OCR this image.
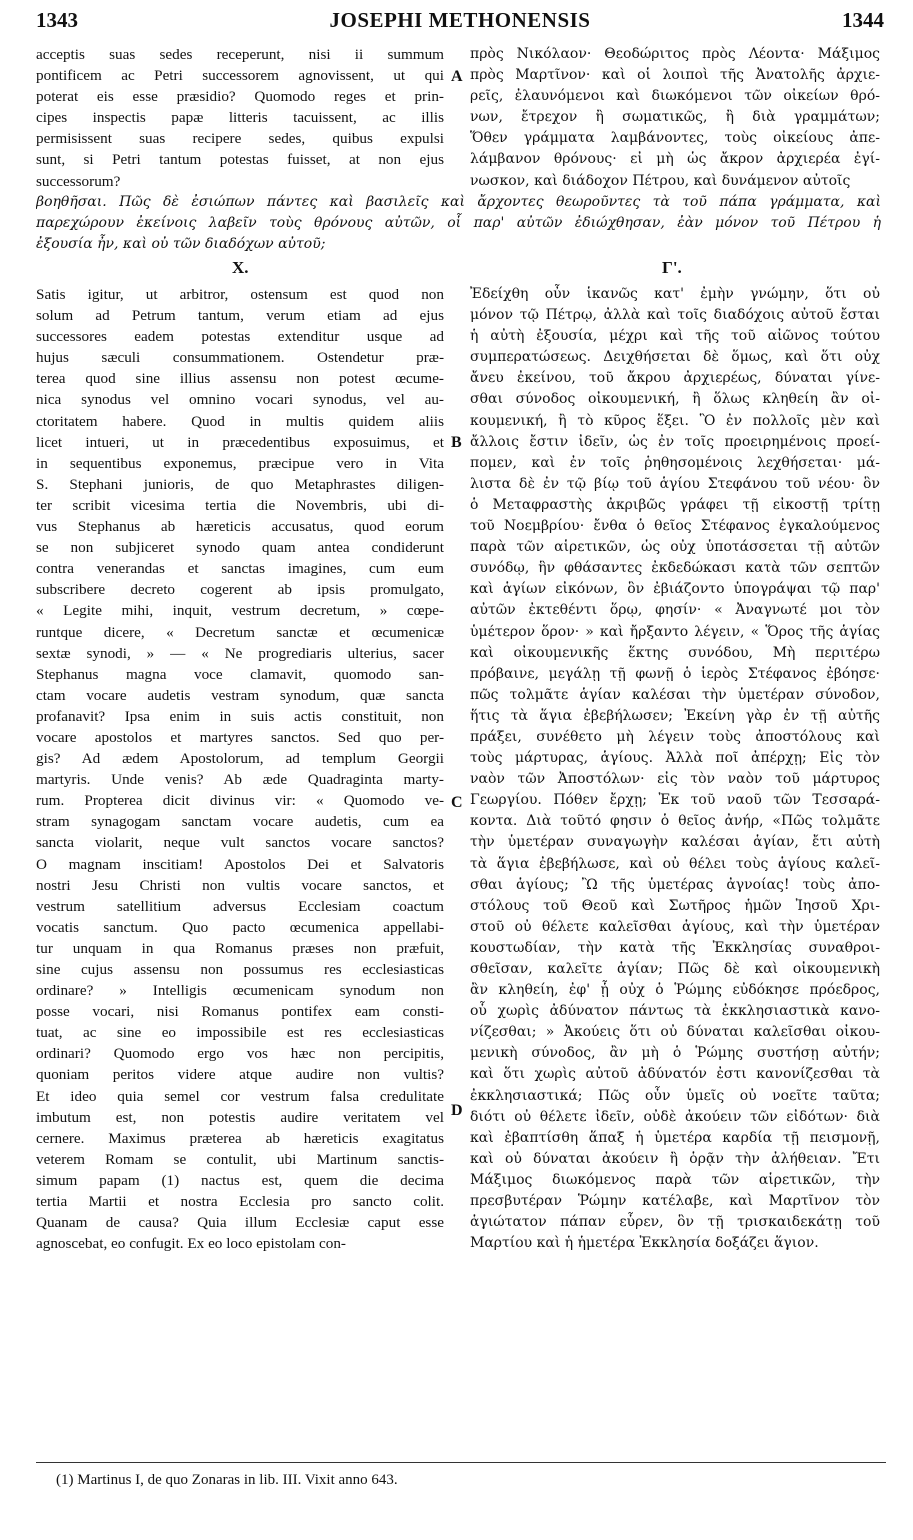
1343	JOSEPHI METHONENSIS	1344
acceptis suas sedes receperunt, nisi ii summum
pontificem ac Petri successorem agnovissent, ut qui
poterat eis esse præsidio? Quomodo reges et prin-
cipes inspectis papæ litteris tacuissent, ac illis
permisissent suas recipere sedes, quibus expulsi
sunt, si Petri tantum potestas fuisset, at non ejus
successorum?
πρὸς Νικόλαον· Θεοδώριτος πρὸς Λέοντα· Μάξιμος
πρὸς Μαρτῖνον· καὶ οἱ λοιποὶ τῆς Ἀνατολῆς ἀρχιε-
ρεῖς, ἐλαυνόμενοι καὶ διωκόμενοι τῶν οἰκείων θρό-
νων, ἔτρεχον ἢ σωματικῶς, ἢ διὰ γραμμάτων;
Ὅθεν γράμματα λαμβάνοντες, τοὺς οἰκείους ἀπε-
λάμβανον θρόνους· εἰ μὴ ὡς ἄκρον ἀρχιερέα ἐγί-
νωσκον, καὶ διάδοχον Πέτρου, καὶ δυνάμενον αὐτοῖς
βοηθῆσαι. Πῶς δὲ ἐσιώπων πάντες καὶ βασιλεῖς καὶ ἄρχοντες θεωροῦντες τὰ τοῦ πάπα γράμματα, καὶ
παρεχώρουν ἐκείνοις λαβεῖν τοὺς θρόνους αὐτῶν, οἷ παρ' αὐτῶν ἐδιώχθησαν, ἐὰν μόνον τοῦ Πέτρου ἡ
ἐξουσία ἦν, καὶ οὐ τῶν διαδόχων αὐτοῦ;
X.	Γ'.
Satis igitur, ut arbitror, ostensum est quod non
solum ad Petrum tantum, verum etiam ad ejus
successores eadem potestas extenditur usque ad
hujus sæculi consummationem. Ostendetur præ-
terea quod sine illius assensu non potest œcume-
nica synodus vel omnino vocari synodus, vel au-
ctoritatem habere. Quod in multis quidem aliis
licet intueri, ut in præcedentibus exposuimus, et
in sequentibus exponemus, præcipue vero in Vita
S. Stephani junioris, de quo Metaphrastes diligen-
ter scribit vicesima tertia die Novembris, ubi di-
vus Stephanus ab hæreticis accusatus, quod eorum
se non subjiceret synodo quam antea condiderunt
contra venerandas et sanctas imagines, cum eum
subscribere decreto cogerent ab ipsis promulgato,
« Legite mihi, inquit, vestrum decretum, » cœpe-
runtque dicere, « Decretum sanctæ et œcumenicæ
sextæ synodi, » — « Ne progrediaris ulterius, sacer
Stephanus magna voce clamavit, quomodo san-
ctam vocare audetis vestram synodum, quæ sancta
profanavit? Ipsa enim in suis actis constituit, non
vocare apostolos et martyres sanctos. Sed quo per-
gis? Ad ædem Apostolorum, ad templum Georgii
martyris. Unde venis? Ab æde Quadraginta marty-
rum. Propterea dicit divinus vir: « Quomodo ve-
stram synagogam sanctam vocare audetis, cum ea
sancta violarit, neque vult sanctos vocare sanctos?
O magnam inscitiam! Apostolos Dei et Salvatoris
nostri Jesu Christi non vultis vocare sanctos, et
vestrum satellitium adversus Ecclesiam coactum
vocatis sanctum. Quo pacto œcumenica appellabi-
tur unquam in qua Romanus præses non præfuit,
sine cujus assensu non possumus res ecclesiasticas
ordinare? » Intelligis œcumenicam synodum non
posse vocari, nisi Romanus pontifex eam consti-
tuat, ac sine eo impossibile est res ecclesiasticas
ordinari? Quomodo ergo vos hæc non percipitis,
quoniam peritos videre atque audire non vultis?
Et ideo quia semel cor vestrum falsa credulitate
imbutum est, non potestis audire veritatem vel
cernere. Maximus præterea ab hæreticis exagitatus
veterem Romam se contulit, ubi Martinum sanctis-
simum papam (1) nactus est, quem die decima
tertia Martii et nostra Ecclesia pro sancto colit.
Quanam de causa? Quia illum Ecclesiæ caput esse
agnoscebat, eo confugit. Ex eo loco epistolam con-
Ἐδείχθη οὖν ἱκανῶς κατ' ἐμὴν γνώμην, ὅτι οὐ
μόνον τῷ Πέτρῳ, ἀλλὰ καὶ τοῖς διαδόχοις αὐτοῦ ἔσται
ἡ αὐτὴ ἐξουσία, μέχρι καὶ τῆς τοῦ αἰῶνος τούτου
συμπερατώσεως. Δειχθήσεται δὲ ὅμως, καὶ ὅτι οὐχ
ἄνευ ἐκείνου, τοῦ ἄκρου ἀρχιερέως, δύναται γίνε-
σθαι σύνοδος οἰκουμενική, ἢ ὅλως κληθείη ἂν οἰ-
κουμενική, ἢ τὸ κῦρος ἕξει. Ὃ ἐν πολλοῖς μὲν καὶ
ἄλλοις ἔστιν ἰδεῖν, ὡς ἐν τοῖς προειρημένοις προεί-
πομεν, καὶ ἐν τοῖς ῥηθησομένοις λεχθήσεται· μά-
λιστα δὲ ἐν τῷ βίῳ τοῦ ἁγίου Στεφάνου τοῦ νέου· ὃν
ὁ Μεταφραστὴς ἀκριβῶς γράφει τῇ εἰκοστῇ τρίτῃ
τοῦ Νοεμβρίου· ἔνθα ὁ θεῖος Στέφανος ἐγκαλούμενος
παρὰ τῶν αἱρετικῶν, ὡς οὐχ ὑποτάσσεται τῇ αὐτῶν
συνόδῳ, ἣν φθάσαντες ἐκδεδώκασι κατὰ τῶν σεπτῶν
καὶ ἁγίων εἰκόνων, ὃν ἐβιάζοντο ὑπογράψαι τῷ παρ'
αὐτῶν ἐκτεθέντι ὅρῳ, φησίν· « Ἀναγνωτέ μοι τὸν
ὑμέτερον ὅρον· » καὶ ἤρξαντο λέγειν, « Ὅρος τῆς ἁγίας
καὶ οἰκουμενικῆς ἕκτης συνόδου, Μὴ περιτέρω
πρόβαινε, μεγάλῃ τῇ φωνῇ ὁ ἱερὸς Στέφανος ἐβόησε·
πῶς τολμᾶτε ἁγίαν καλέσαι τὴν ὑμετέραν σύνοδον,
ἥτις τὰ ἅγια ἐβεβήλωσεν; Ἐκείνη γὰρ ἐν τῇ αὐτῆς
πράξει, συνέθετο μὴ λέγειν τοὺς ἀποστόλους καὶ
τοὺς μάρτυρας, ἁγίους. Ἀλλὰ ποῖ ἀπέρχῃ; Εἰς τὸν
ναὸν τῶν Ἀποστόλων· εἰς τὸν ναὸν τοῦ μάρτυρος
Γεωργίου. Πόθεν ἔρχῃ; Ἐκ τοῦ ναοῦ τῶν Τεσσαρά-
κοντα. Διὰ τοῦτό φησιν ὁ θεῖος ἀνήρ, «Πῶς τολμᾶτε
τὴν ὑμετέραν συναγωγὴν καλέσαι ἁγίαν, ἔτι αὐτὴ
τὰ ἅγια ἐβεβήλωσε, καὶ οὐ θέλει τοὺς ἁγίους καλεῖ-
σθαι ἁγίους; Ὢ τῆς ὑμετέρας ἀγνοίας! τοὺς ἀπο-
στόλους τοῦ Θεοῦ καὶ Σωτῆρος ἡμῶν Ἰησοῦ Χρι-
στοῦ οὐ θέλετε καλεῖσθαι ἁγίους, καὶ τὴν ὑμετέραν
κουστωδίαν, τὴν κατὰ τῆς Ἐκκλησίας συναθροι-
σθεῖσαν, καλεῖτε ἁγίαν; Πῶς δὲ καὶ οἰκουμενικὴ
ἂν κληθείη, ἐφ' ᾗ οὐχ ὁ Ῥώμης εὐδόκησε πρόεδρος,
οὗ χωρὶς ἀδύνατον πάντως τὰ ἐκκλησιαστικὰ κανο-
νίζεσθαι; » Ἀκούεις ὅτι οὐ δύναται καλεῖσθαι οἰκου-
μενικὴ σύνοδος, ἂν μὴ ὁ Ῥώμης συστήσῃ αὐτήν;
καὶ ὅτι χωρὶς αὐτοῦ ἀδύνατόν ἐστι κανονίζεσθαι τὰ
ἐκκλησιαστικά; Πῶς οὖν ὑμεῖς οὐ νοεῖτε ταῦτα;
διότι οὐ θέλετε ἰδεῖν, οὐδὲ ἀκούειν τῶν εἰδότων· διὰ
καὶ ἐβαπτίσθη ἅπαξ ἡ ὑμετέρα καρδία τῇ πεισμονῇ,
καὶ οὐ δύναται ἀκούειν ἢ ὁρᾷν τὴν ἀλήθειαν. Ἔτι
Μάξιμος διωκόμενος παρὰ τῶν αἱρετικῶν, τὴν
πρεσβυτέραν Ῥώμην κατέλαβε, καὶ Μαρτῖνον τὸν
ἁγιώτατον πάπαν εὗρεν, ὃν τῇ τρισκαιδεκάτῃ τοῦ
Μαρτίου καὶ ἡ ἡμετέρα Ἐκκλησία δοξάζει ἅγιον.
A
B
C
D
(1) Martinus I, de quo Zonaras in lib. III. Vixit anno 643.
